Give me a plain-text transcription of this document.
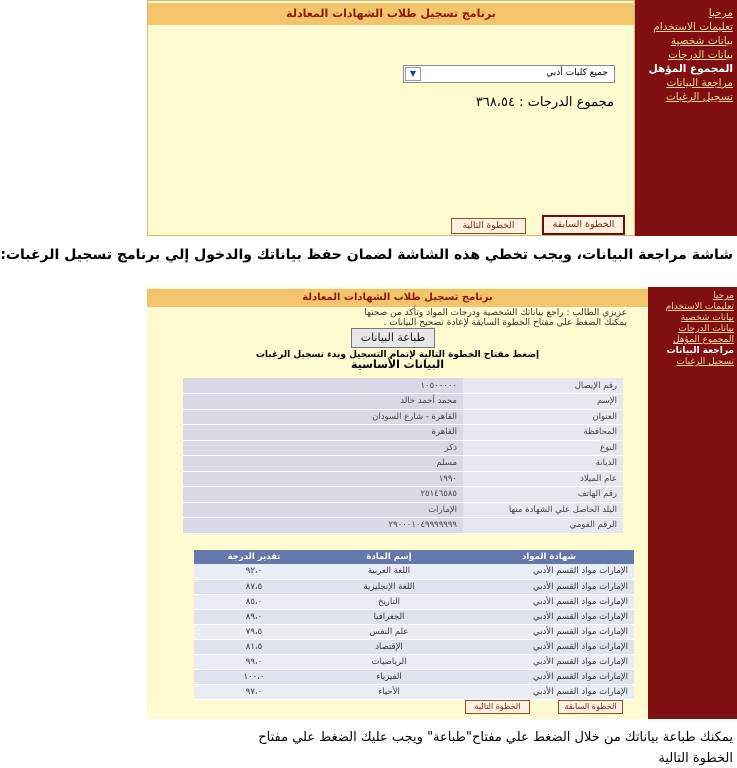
مرحبا
تعليمات الاستخدام
بيانات شخصية
بيانات الدرجات
المجموع المؤهل
مراجعة البيانات
تسجيل الرغبات
برنامج تسجيل طلاب الشهادات المعادلة
جميع كليات أدبي
▼
مجموع الدرجات : ٣٦٨،٥٤
الخطوة السابقة
الخطوة التالية
شاشة مراجعة البيانات، ويجب تخطي هذه الشاشة لضمان حفظ بياناتك والدخول إلي برنامج تسجيل الرغبات:
مرحبا
تعليمات الاستخدام
بيانات شخصية
بيانات الدرجات
المجموع المؤهل
مراجعة البيانات
تسجيل الرغبات
برنامج تسجيل طلاب الشهادات المعادلة
عزيزي الطالب : راجع بياناتك الشخصية ودرجات المواد وتأكد من صحتها
يمكنك الضغط علي مفتاح الخطوة السابقة لإعادة تصحيح البيانات .
طباعة البيانات
إضغط مفتاح الخطوة التالية لإتمام التسجيل وبدء تسجيل الرغبات
البيانات الأساسية
١٠٥٠٠٠٠٠	رقم الإيصال
محمد أحمد خالد	الإسم
القاهرة - شارع السودان	العنوان
القاهرة	المحافظة
ذكر	النوع
مسلم	الديانة
١٩٩٠	عام الميلاد
٢٥١٤٦٥٨٥	رقم الهاتف
الإمارات	البلد الحاصل علي الشهادة منها
٢٩٠٠٠١٠٤٩٩٩٩٩٩٩	الرقم القومي
شهادة المواد	إسم المادة	تقدير الدرجة
الإمارات مواد القسم الأدبي	اللغة العربية	٩٢،٠
الإمارات مواد القسم الأدبي	اللغة الإنجليزية	٨٧،٥
الإمارات مواد القسم الأدبي	التاريخ	٨٥،٠
الإمارات مواد القسم الأدبي	الجغرافيا	٨٩،٠
الإمارات مواد القسم الأدبي	علم النفس	٧٩،٥
الإمارات مواد القسم الأدبي	الإقتصاد	٨١،٥
الإمارات مواد القسم الأدبي	الرياضيات	٩٩،٠
الإمارات مواد القسم الأدبي	الفيزياء	١٠٠،٠
الإمارات مواد القسم الأدبي	الأحياء	٩٧،٠
الخطوة السابقة
الخطوة التالية
يمكنك طباعة بياناتك من خلال الضغط علي مفتاح"طباعة" ويجب عليك الضغط علي مفتاح
الخطوة التالية
